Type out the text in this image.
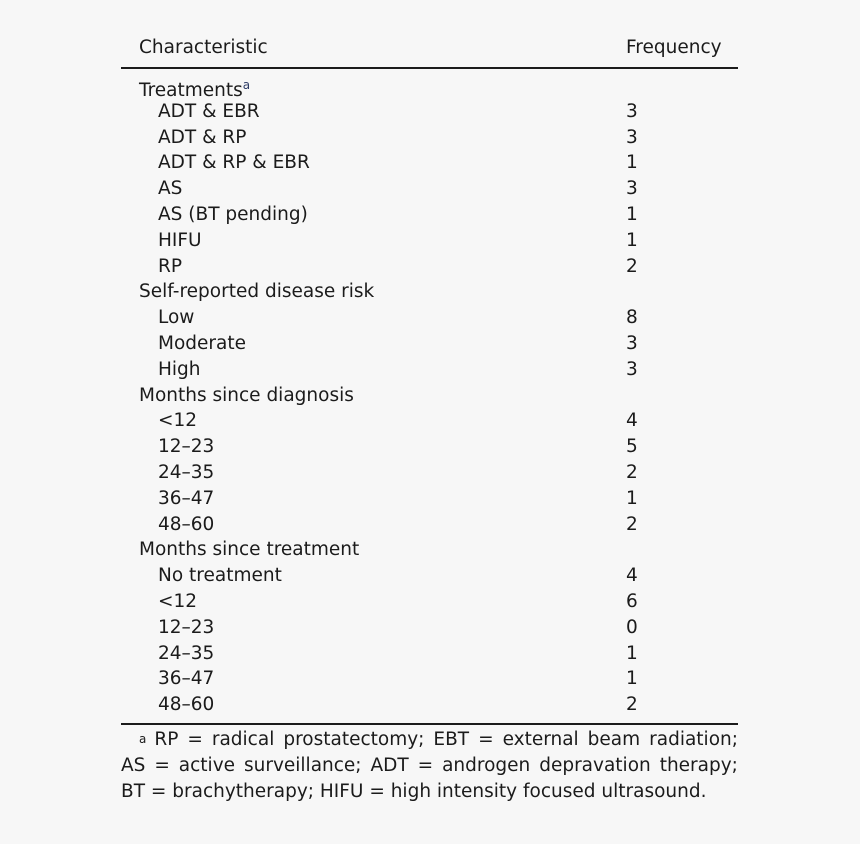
Characteristic	Frequency
Treatments$^a$
ADT & EBR	3
ADT & RP	3
ADT & RP & EBR	1
AS	3
AS (BT pending)	1
HIFU	1
RP	2
Self-reported disease risk
Low	8
Moderate	3
High	3
Months since diagnosis
<12	4
12–23	5
24–35	2
36–47	1
48–60	2
Months since treatment
No treatment	4
<12	6
12–23	0
24–35	1
36–47	1
48–60	2
a RP = radical prostatectomy; EBT = external beam radiation;
AS = active surveillance; ADT = androgen depravation therapy;
BT = brachytherapy; HIFU = high intensity focused ultrasound.
